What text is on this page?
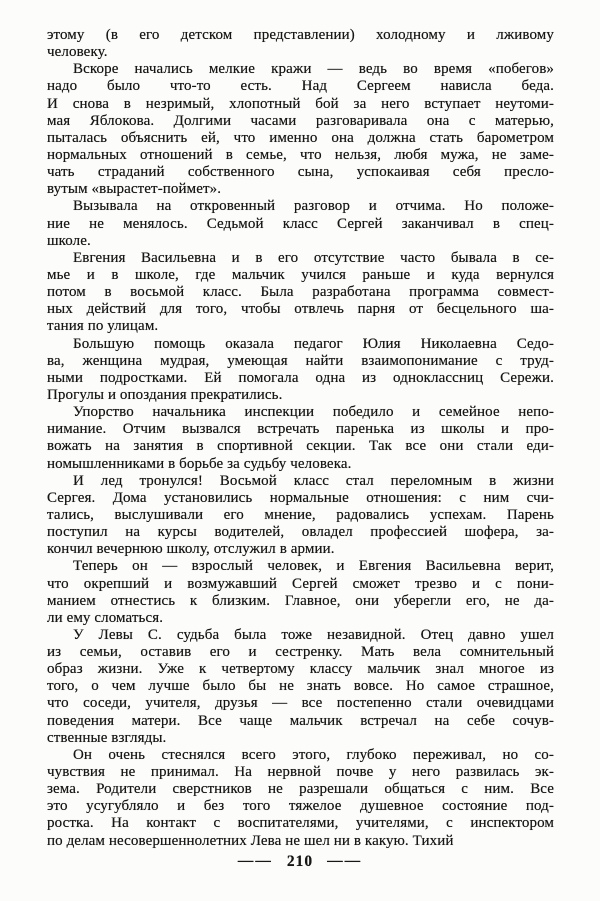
этому (в его детском представлении) холодному и лживому
человеку.
Вскоре начались мелкие кражи — ведь во время «побегов»
надо было что-то есть. Над Сергеем нависла беда.
И снова в незримый, хлопотный бой за него вступает неутоми-
мая Яблокова. Долгими часами разговаривала она с матерью,
пыталась объяснить ей, что именно она должна стать барометром
нормальных отношений в семье, что нельзя, любя мужа, не заме-
чать страданий собственного сына, успокаивая себя пресло-
вутым «вырастет-поймет».
Вызывала на откровенный разговор и отчима. Но положе-
ние не менялось. Седьмой класс Сергей заканчивал в спец-
школе.
Евгения Васильевна и в его отсутствие часто бывала в се-
мье и в школе, где мальчик учился раньше и куда вернулся
потом в восьмой класс. Была разработана программа совмест-
ных действий для того, чтобы отвлечь парня от бесцельного ша-
тания по улицам.
Большую помощь оказала педагог Юлия Николаевна Седо-
ва, женщина мудрая, умеющая найти взаимопонимание с труд-
ными подростками. Ей помогала одна из одноклассниц Сережи.
Прогулы и опоздания прекратились.
Упорство начальника инспекции победило и семейное непо-
нимание. Отчим вызвался встречать паренька из школы и про-
вожать на занятия в спортивной секции. Так все они стали еди-
номышленниками в борьбе за судьбу человека.
И лед тронулся! Восьмой класс стал переломным в жизни
Сергея. Дома установились нормальные отношения: с ним счи-
тались, выслушивали его мнение, радовались успехам. Парень
поступил на курсы водителей, овладел профессией шофера, за-
кончил вечернюю школу, отслужил в армии.
Теперь он — взрослый человек, и Евгения Васильевна верит,
что окрепший и возмужавший Сергей сможет трезво и с пони-
манием отнестись к близким. Главное, они уберегли его, не да-
ли ему сломаться.
У Левы С. судьба была тоже незавидной. Отец давно ушел
из семьи, оставив его и сестренку. Мать вела сомнительный
образ жизни. Уже к четвертому классу мальчик знал многое из
того, о чем лучше было бы не знать вовсе. Но самое страшное,
что соседи, учителя, друзья — все постепенно стали очевидцами
поведения матери. Все чаще мальчик встречал на себе сочув-
ственные взгляды.
Он очень стеснялся всего этого, глубоко переживал, но со-
чувствия не принимал. На нервной почве у него развилась эк-
зема. Родители сверстников не разрешали общаться с ним. Все
это усугубляло и без того тяжелое душевное состояние под-
ростка. На контакт с воспитателями, учителями, с инспектором
по делам несовершеннолетних Лева не шел ни в какую. Тихий
—— 210 ——
